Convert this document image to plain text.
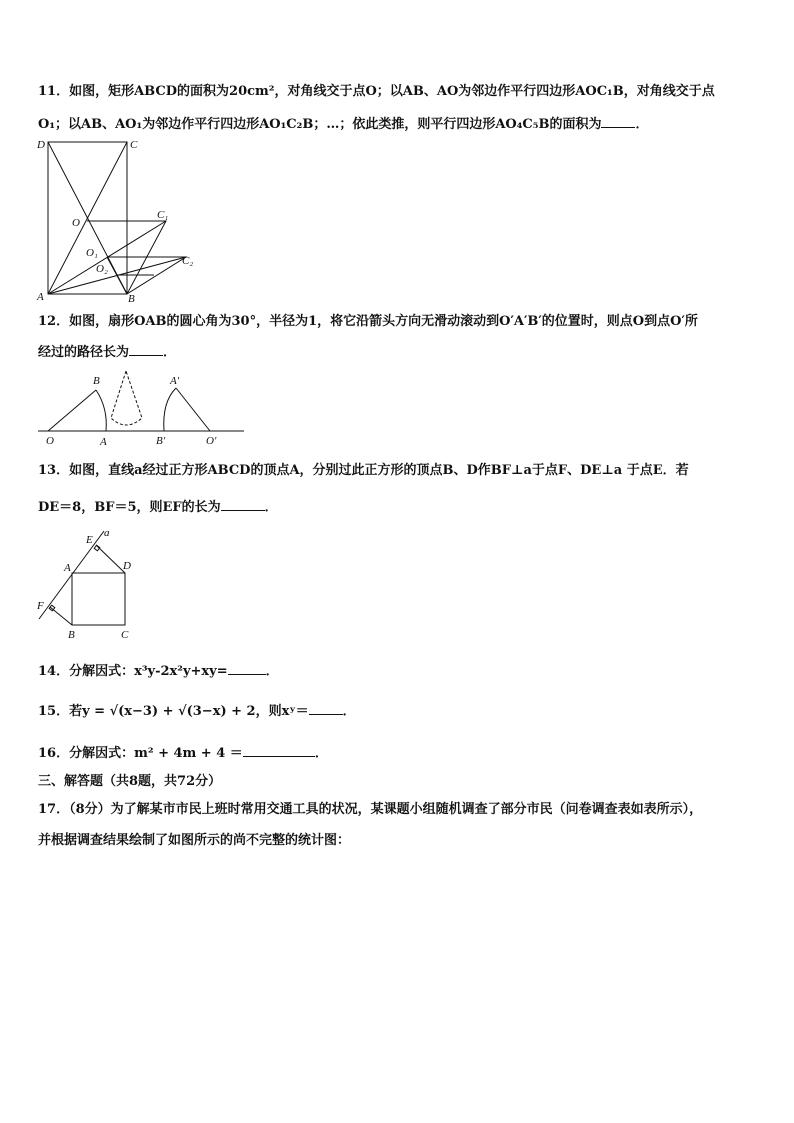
11．如图，矩形ABCD的面积为20cm²，对角线交于点O；以AB、AO为邻边作平行四边形AOC₁B，对角线交于点
O₁；以AB、AO₁为邻边作平行四边形AO₁C₂B；…；依此类推，则平行四边形AO₄C₅B的面积为	．
D	C
O
C₁
O₁
O₂
C₂
A	B
12．如图，扇形OAB的圆心角为30°，半径为1，将它沿箭头方向无滑动滚动到O′A′B′的位置时，则点O到点O′所
经过的路径长为	．
B	A′
O	A	B′	O′
13．如图，直线a经过正方形ABCD的顶点A，分别过此正方形的顶点B、D作BF⊥a于点F、DE⊥a 于点E．若
DE＝8，BF＝5，则EF的长为	．
E
a
A	D
F
B	C
14．分解因式：x³y-2x²y+xy=	．
15．若y = √(x−3) + √(3−x) + 2，则xʸ＝	．
16．分解因式：m² + 4m + 4 ＝	．
三、解答题（共8题，共72分）
17．（8分）为了解某市市民上班时常用交通工具的状况，某课题小组随机调查了部分市民（问卷调查表如表所示），
并根据调查结果绘制了如图所示的尚不完整的统计图：
